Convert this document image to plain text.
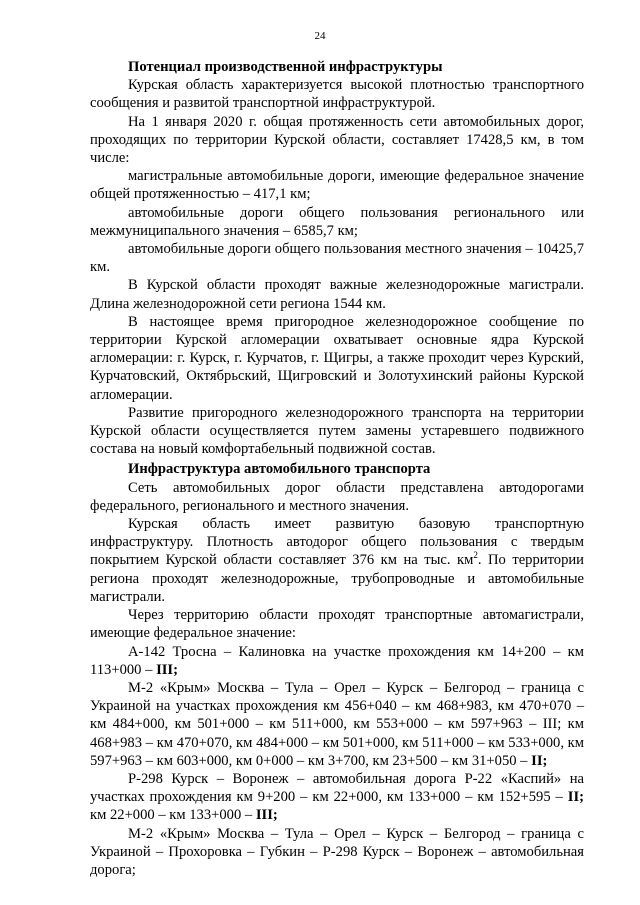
24
Потенциал производственной инфраструктуры

Курская область характеризуется высокой плотностью транспортного сообщения и развитой транспортной инфраструктурой.

На 1 января 2020 г. общая протяженность сети автомобильных дорог, проходящих по территории Курской области, составляет 17428,5 км, в том числе:

магистральные автомобильные дороги, имеющие федеральное значение общей протяженностью – 417,1 км;

автомобильные дороги общего пользования регионального или межмуниципального значения – 6585,7 км;

автомобильные дороги общего пользования местного значения – 10425,7 км.

В Курской области проходят важные железнодорожные магистрали. Длина железнодорожной сети региона 1544 км.

В настоящее время пригородное железнодорожное сообщение по территории Курской агломерации охватывает основные ядра Курской агломерации: г. Курск, г. Курчатов, г. Щигры, а также проходит через Курский, Курчатовский, Октябрьский, Щигровский и Золотухинский районы Курской агломерации.

Развитие пригородного железнодорожного транспорта на территории Курской области осуществляется путем замены устаревшего подвижного состава на новый комфортабельный подвижной состав.

Инфраструктура автомобильного транспорта

Сеть автомобильных дорог области представлена автодорогами федерального, регионального и местного значения.

Курская область имеет развитую базовую транспортную инфраструктуру. Плотность автодорог общего пользования с твердым покрытием Курской области составляет 376 км на тыс. $км^2$. По территории региона проходят железнодорожные, трубопроводные и автомобильные магистрали.

Через территорию области проходят транспортные автомагистрали, имеющие федеральное значение:

А-142 Тросна – Калиновка на участке прохождения км 14+200 – км 113+000 – III;

М-2 «Крым» Москва – Тула – Орел – Курск – Белгород – граница с Украиной на участках прохождения км 456+040 – км 468+983, км 470+070 – км 484+000, км 501+000 – км 511+000, км 553+000 – км 597+963 – III; км 468+983 – км 470+070, км 484+000 – км 501+000, км 511+000 – км 533+000, км 597+963 – км 603+000, км 0+000 – км 3+700, км 23+500 – км 31+050 – II;

Р-298 Курск – Воронеж – автомобильная дорога Р-22 «Каспий» на участках прохождения км 9+200 – км 22+000, км 133+000 – км 152+595 – II; км 22+000 – км 133+000 – III;

М-2 «Крым» Москва – Тула – Орел – Курск – Белгород – граница с Украиной – Прохоровка – Губкин – Р-298 Курск – Воронеж – автомобильная дорога;
